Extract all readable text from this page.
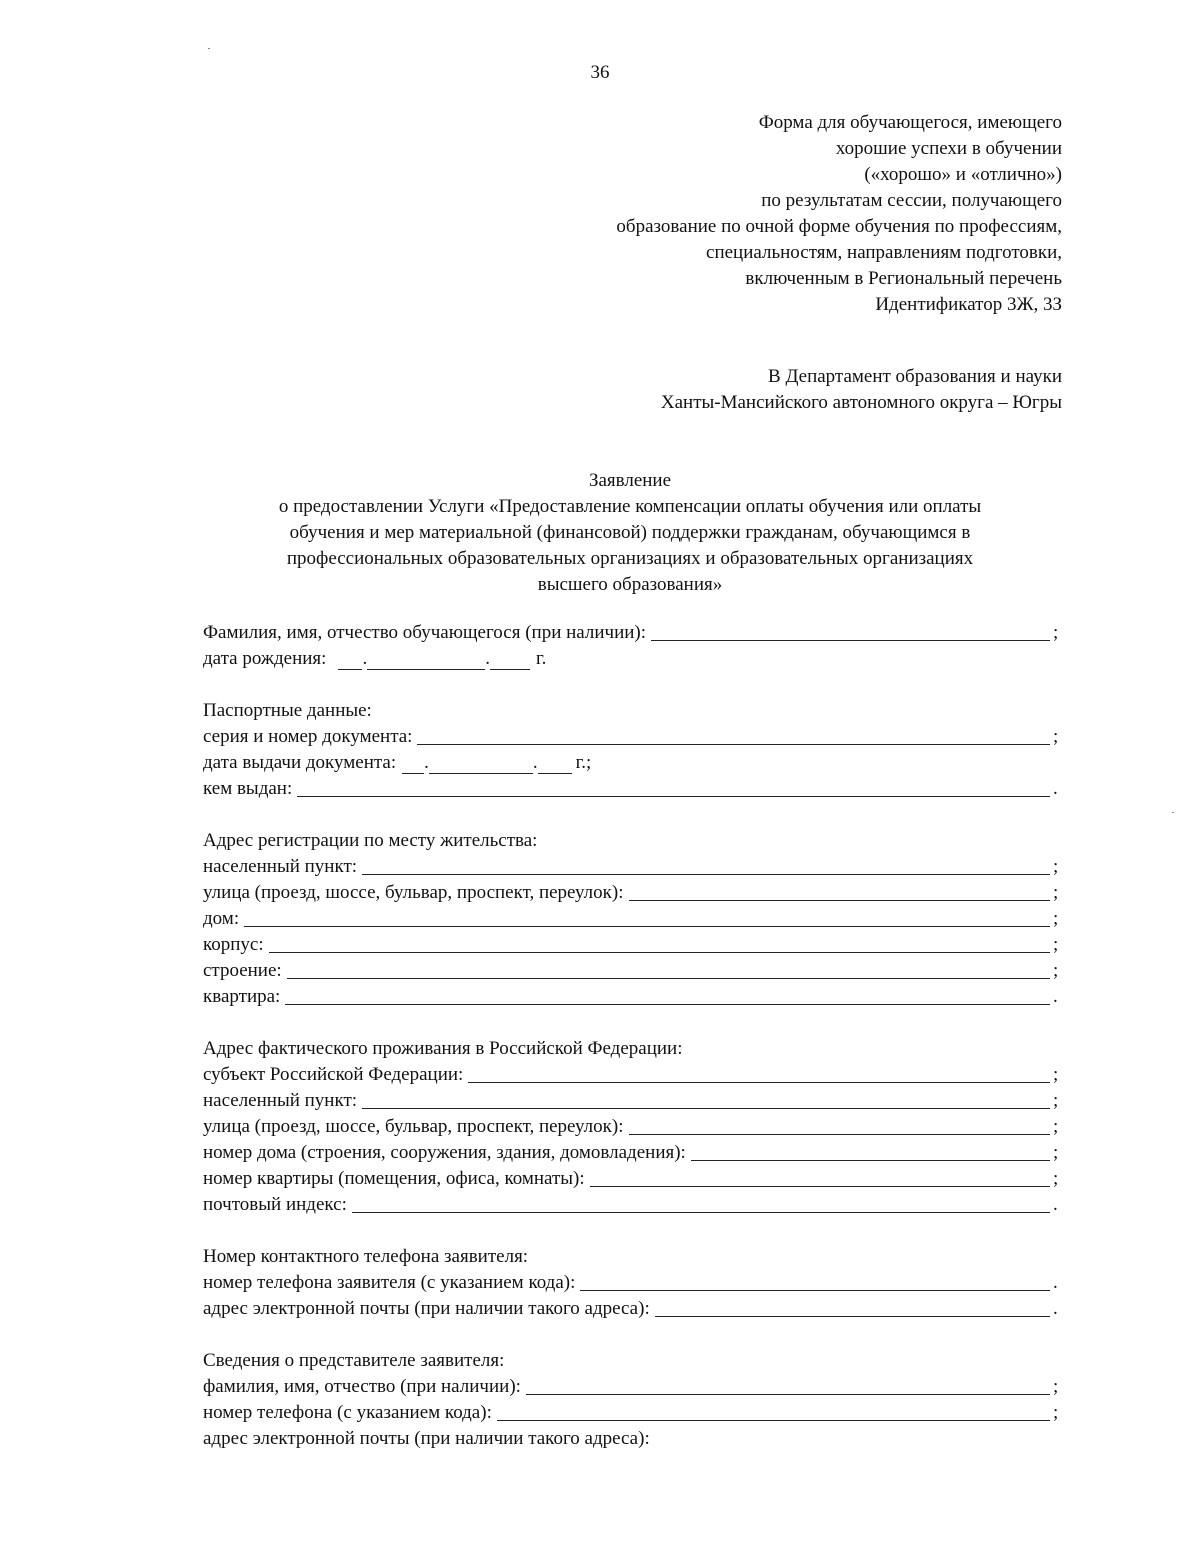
36
Форма для обучающегося, имеющего
хорошие успехи в обучении
(«хорошо» и «отлично»)
по результатам сессии, получающего
образование по очной форме обучения по профессиям,
специальностям, направлениям подготовки,
включенным в Региональный перечень
Идентификатор 3Ж, 3З
В Департамент образования и науки
Ханты-Мансийского автономного округа – Югры
Заявление
о предоставлении Услуги «Предоставление компенсации оплаты обучения или оплаты
обучения и мер материальной (финансовой) поддержки гражданам, обучающимся в
профессиональных образовательных организациях и образовательных организациях
высшего образования»
Фамилия, имя, отчество обучающегося (при наличии):	;
дата рождения: .	. г.
Паспортные данные:
серия и номер документа:	;
дата выдачи документа: .	. г.;
кем выдан:	.
Адрес регистрации по месту жительства:
населенный пункт:	;
улица (проезд, шоссе, бульвар, проспект, переулок):	;
дом:	;
корпус:	;
строение:	;
квартира:	.
Адрес фактического проживания в Российской Федерации:
субъект Российской Федерации:	;
населенный пункт:	;
улица (проезд, шоссе, бульвар, проспект, переулок):	;
номер дома (строения, сооружения, здания, домовладения):	;
номер квартиры (помещения, офиса, комнаты):	;
почтовый индекс:	.
Номер контактного телефона заявителя:
номер телефона заявителя (с указанием кода):	.
адрес электронной почты (при наличии такого адреса):	.
Сведения о представителе заявителя:
фамилия, имя, отчество (при наличии):	;
номер телефона (с указанием кода):	;
адрес электронной почты (при наличии такого адреса):
